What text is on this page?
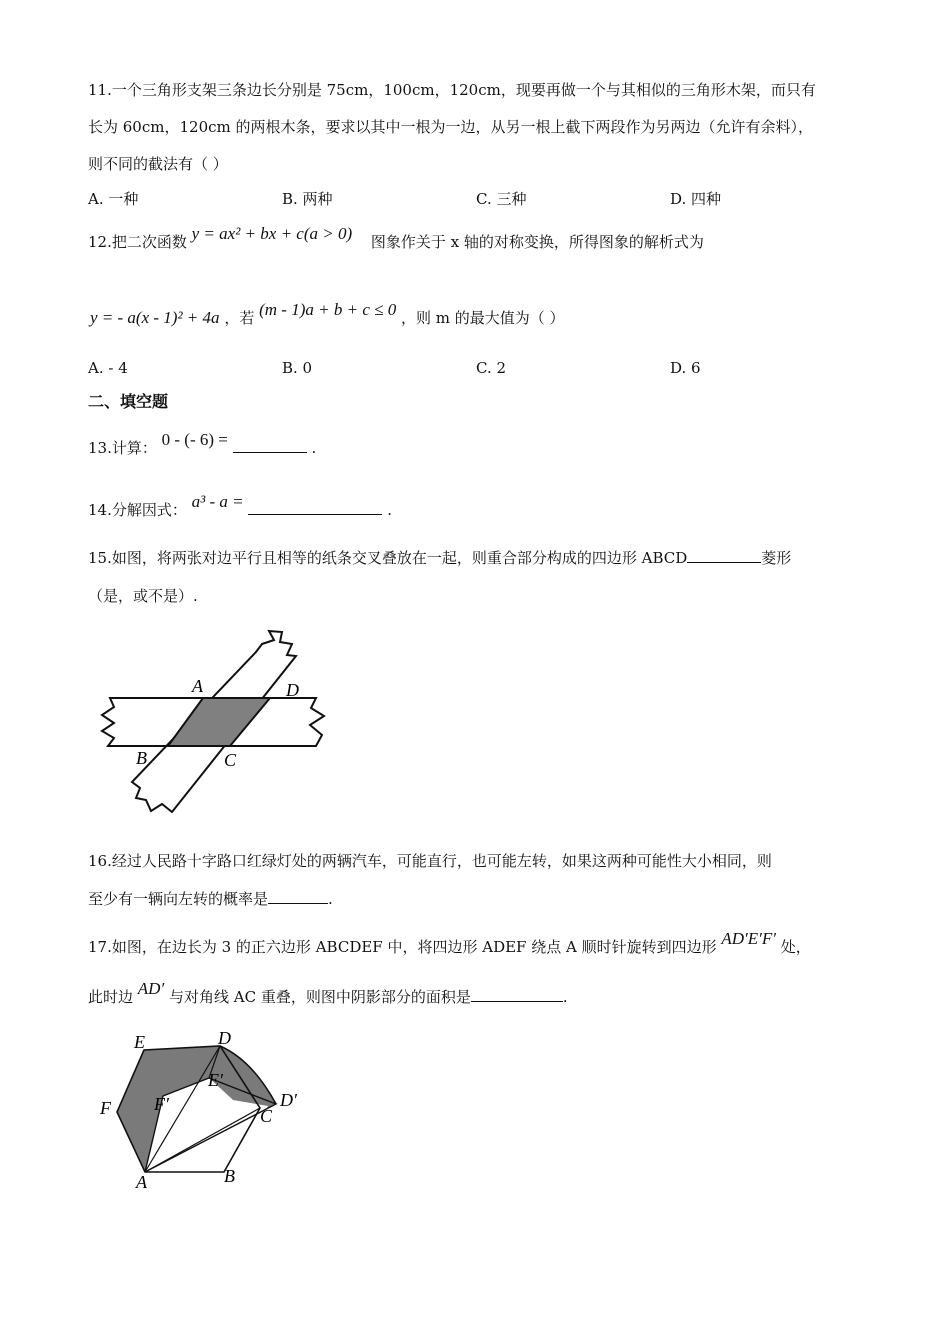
11.一个三角形支架三条边长分别是 75cm，100cm，120cm，现要再做一个与其相似的三角形木架，而只有
长为 60cm，120cm 的两根木条，要求以其中一根为一边，从另一根上截下两段作为另两边（允许有余料），
则不同的截法有（ ）
A. 一种	B. 两种	C. 三种	D. 四种
12.把二次函数 y = ax² + bx + c(a > 0) 图象作关于 x 轴的对称变换，所得图象的解析式为
y = - a(x - 1)² + 4a ，若 (m - 1)a + b + c ≤ 0 ，则 m 的最大值为（ ）
A. - 4	B. 0	C. 2	D. 6
二、填空题
13.计算： 0 - (- 6) =	.
14.分解因式： a³ - a =	.
15.如图，将两张对边平行且相等的纸条交叉叠放在一起，则重合部分构成的四边形 ABCD	菱形
（是，或不是）.
A	D
B	C
16.经过人民路十字路口红绿灯处的两辆汽车，可能直行，也可能左转，如果这两种可能性大小相同，则
至少有一辆向左转的概率是	.
17.如图，在边长为 3 的正六边形 ABCDEF 中，将四边形 ADEF 绕点 A 顺时针旋转到四边形 AD′E′F′ 处，
此时边 AD′ 与对角线 AC 重叠，则图中阴影部分的面积是	.
E	D
F
E′
F′	D′
C
A	B
